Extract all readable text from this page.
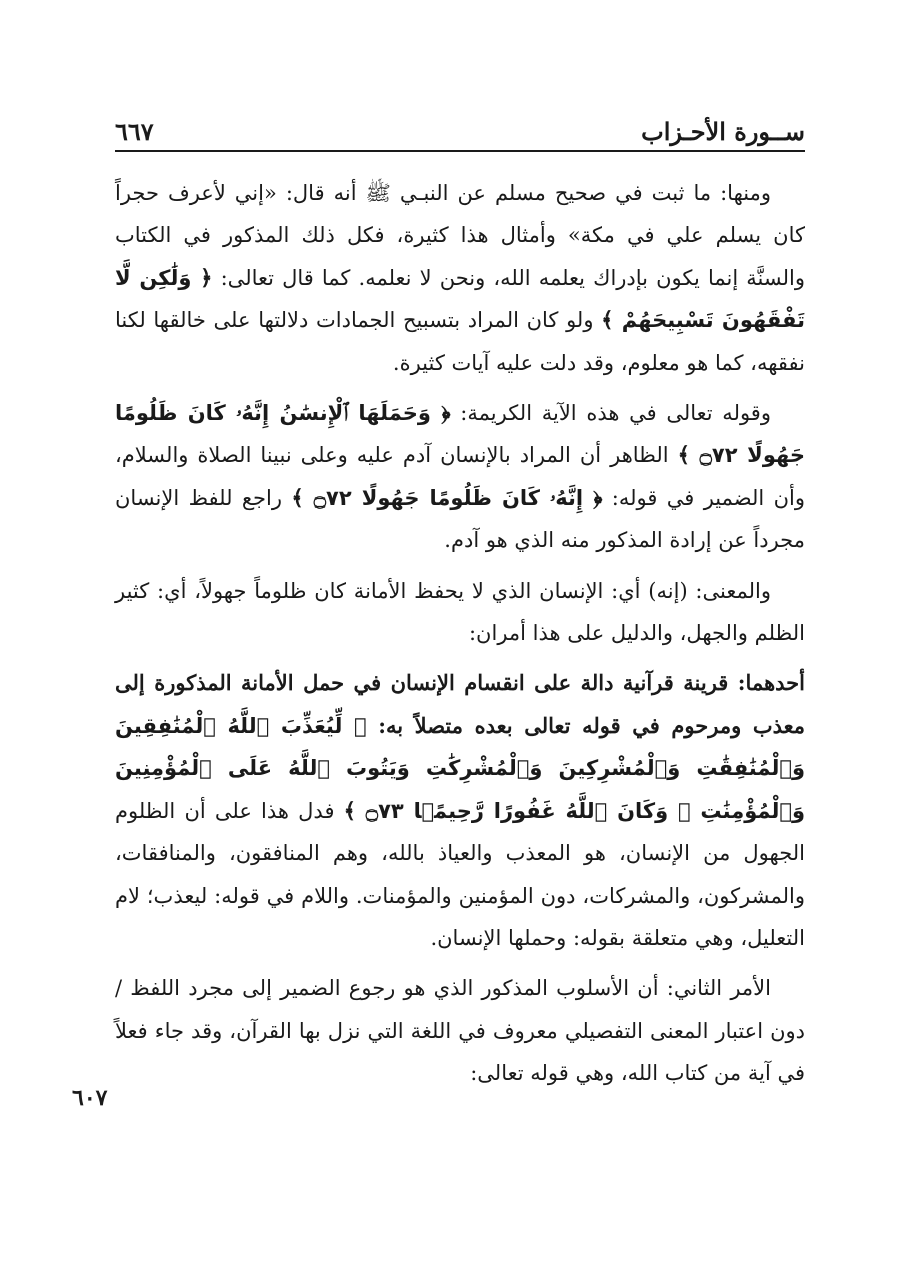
ســورة الأحـزاب
٦٦٧

ومنها: ما ثبت في صحيح مسلم عن النبـي ﷺ أنه قال: «إني لأعرف حجراً كان يسلم علي في مكة» وأمثال هذا كثيرة، فكل ذلك المذكور في الكتاب والسنَّة إنما يكون بإدراك يعلمه الله، ونحن لا نعلمه. كما قال تعالى: ﴿ وَلَٰكِن لَّا تَفْقَهُونَ تَسْبِيحَهُمْ ﴾ ولو كان المراد بتسبيح الجمادات دلالتها على خالقها لكنا نفقهه، كما هو معلوم، وقد دلت عليه آيات كثيرة.

وقوله تعالى في هذه الآية الكريمة: ﴿ وَحَمَلَهَا ٱلْإِنسَٰنُ إِنَّهُۥ كَانَ ظَلُومًا جَهُولًا ۝٧٢ ﴾ الظاهر أن المراد بالإنسان آدم عليه وعلى نبينا الصلاة والسلام، وأن الضمير في قوله: ﴿ إِنَّهُۥ كَانَ ظَلُومًا جَهُولًا ۝٧٢ ﴾ راجع للفظ الإنسان مجرداً عن إرادة المذكور منه الذي هو آدم.

والمعنى: (إنه) أي: الإنسان الذي لا يحفظ الأمانة كان ظلوماً جهولاً، أي: كثير الظلم والجهل، والدليل على هذا أمران:

أحدهما: قرينة قرآنية دالة على انقسام الإنسان في حمل الأمانة المذكورة إلى معذب ومرحوم في قوله تعالى بعده متصلاً به: ﴿ لِّيُعَذِّبَ ٱللَّهُ ٱلْمُنَٰفِقِينَ وَٱلْمُنَٰفِقَٰتِ وَٱلْمُشْرِكِينَ وَٱلْمُشْرِكَٰتِ وَيَتُوبَ ٱللَّهُ عَلَى ٱلْمُؤْمِنِينَ وَٱلْمُؤْمِنَٰتِ ۗ وَكَانَ ٱللَّهُ غَفُورًا رَّحِيمًۢا ۝٧٣ ﴾ فدل هذا على أن الظلوم الجهول من الإنسان، هو المعذب والعياذ بالله، وهم المنافقون، والمنافقات، والمشركون، والمشركات، دون المؤمنين والمؤمنات. واللام في قوله: ليعذب؛ لام التعليل، وهي متعلقة بقوله: وحملها الإنسان.

الأمر الثاني: أن الأسلوب المذكور الذي هو رجوع الضمير إلى مجرد اللفظ / دون اعتبار المعنى التفصيلي معروف في اللغة التي نزل بها القرآن، وقد جاء فعلاً في آية من كتاب الله، وهي قوله تعالى:

٦٠٧
